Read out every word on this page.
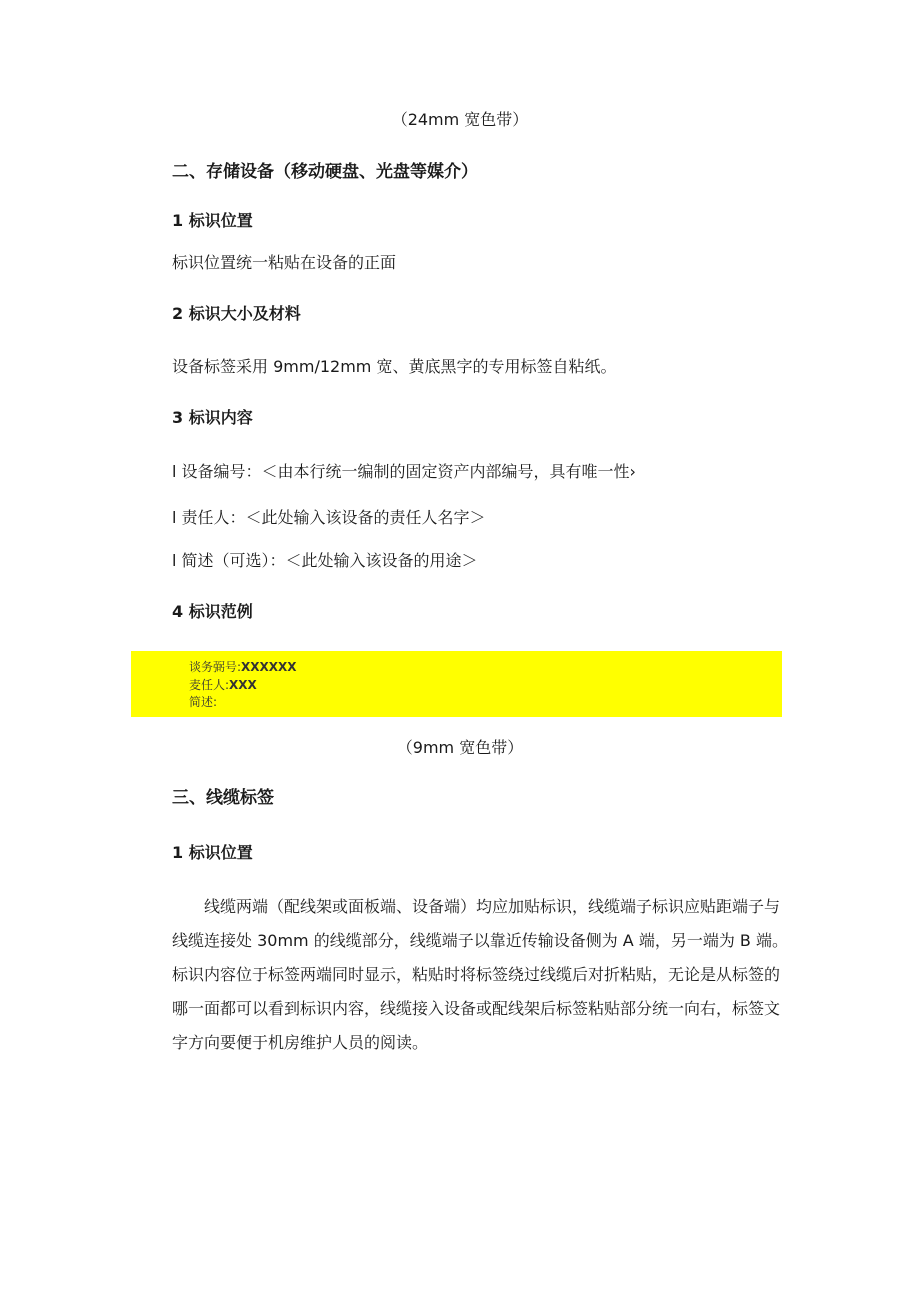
（24mm 宽色带）
二、存储设备（移动硬盘、光盘等媒介）
1 标识位置
标识位置统一粘贴在设备的正面
2 标识大小及材料
设备标签采用 9mm∕12mm 宽、黄底黑字的专用标签自粘纸。
3 标识内容
l 设备编号：＜由本行统一编制的固定资产内部编号，具有唯一性›
l 责任人：＜此处输入该设备的责任人名字＞
l 简述（可选）：＜此处输入该设备的用途＞
4 标识范例
谈务弼号:XXXXXX
麦任人:XXX
简述:
（9mm 宽色带）
三、线缆标签
1 标识位置
线缆两端（配线架或面板端、设备端）均应加贴标识，线缆端子标识应贴距端子与
线缆连接处 30mm 的线缆部分，线缆端子以靠近传输设备侧为 A 端，另一端为 B 端。
标识内容位于标签两端同时显示，粘贴时将标签绕过线缆后对折粘贴，无论是从标签的
哪一面都可以看到标识内容，线缆接入设备或配线架后标签粘贴部分统一向右，标签文
字方向要便于机房维护人员的阅读。
